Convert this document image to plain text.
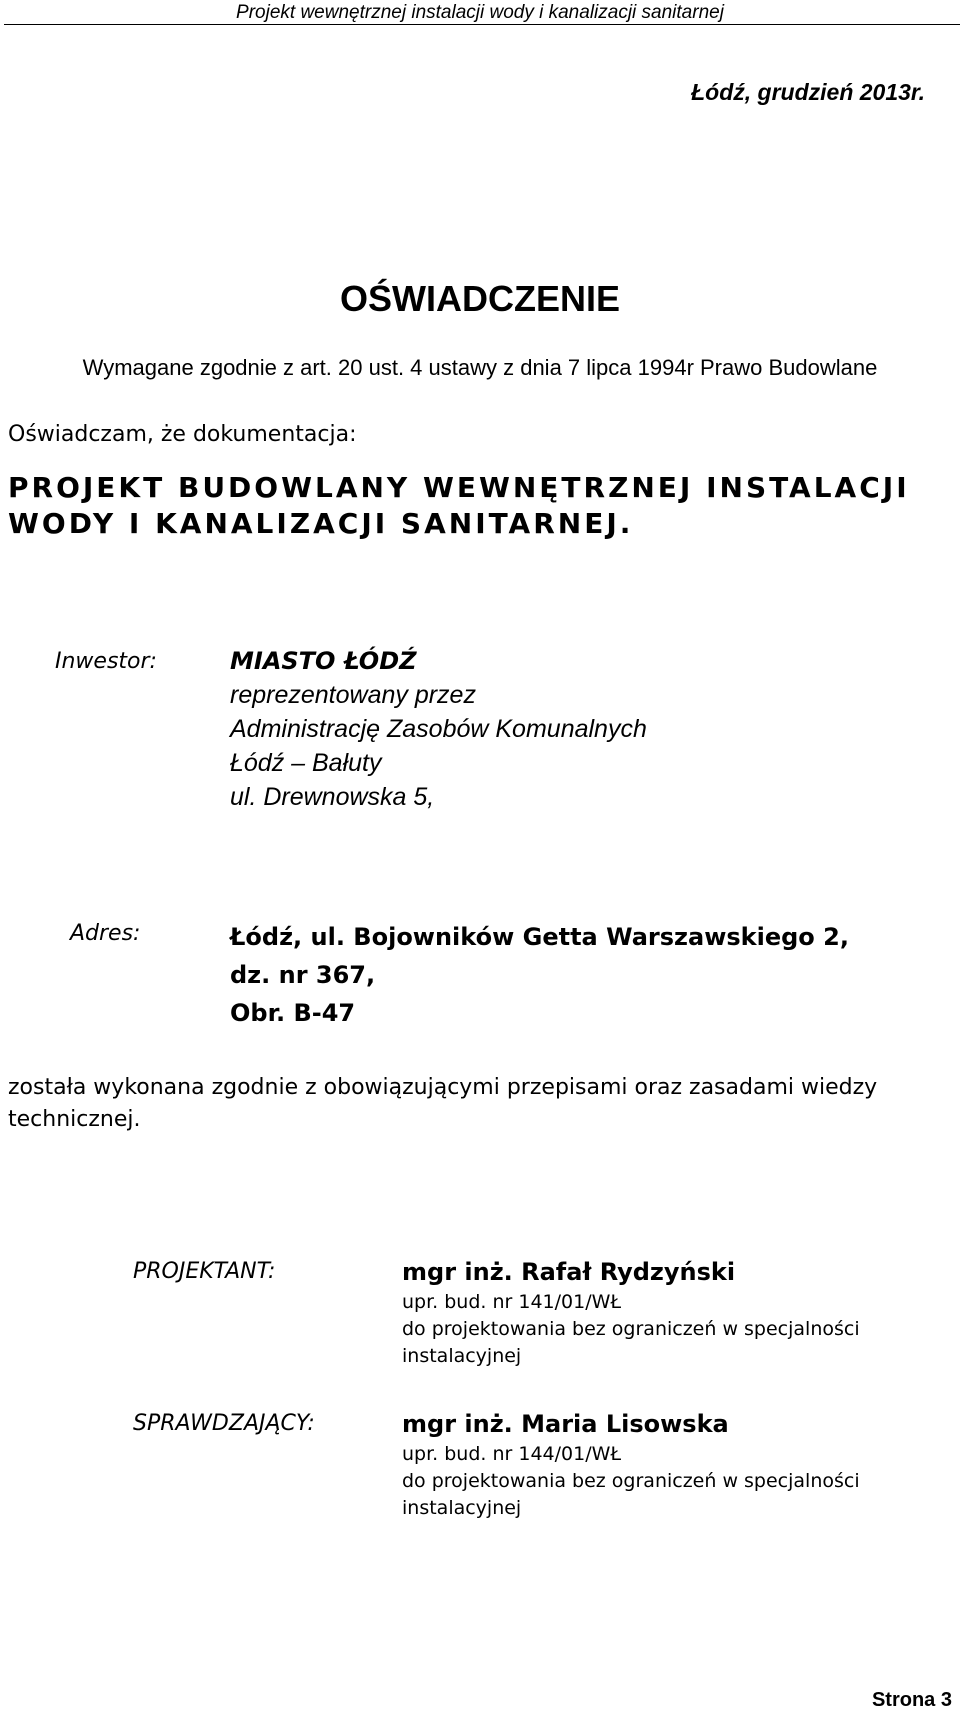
Projekt wewnętrznej instalacji wody i kanalizacji sanitarnej
Łódź, grudzień 2013r.
OŚWIADCZENIE
Wymagane zgodnie z art. 20 ust. 4 ustawy z dnia 7 lipca 1994r Prawo Budowlane
Oświadczam, że dokumentacja:
PROJEKT BUDOWLANY WEWNĘTRZNEJ INSTALACJI WODY I KANALIZACJI SANITARNEJ.
Inwestor:	MIASTO ŁÓDŹ
reprezentowany przez
Administrację Zasobów Komunalnych
Łódź – Bałuty
ul. Drewnowska 5,
Adres:	Łódź, ul. Bojowników Getta Warszawskiego 2,
dz. nr 367,
Obr. B-47
została wykonana zgodnie z obowiązującymi przepisami oraz zasadami wiedzy technicznej.
PROJEKTANT:	mgr inż. Rafał Rydzyński
upr. bud. nr 141/01/WŁ
do projektowania bez ograniczeń w specjalności instalacyjnej
SPRAWDZAJĄCY:	mgr inż. Maria Lisowska
upr. bud. nr 144/01/WŁ
do projektowania bez ograniczeń w specjalności instalacyjnej
Strona 3
